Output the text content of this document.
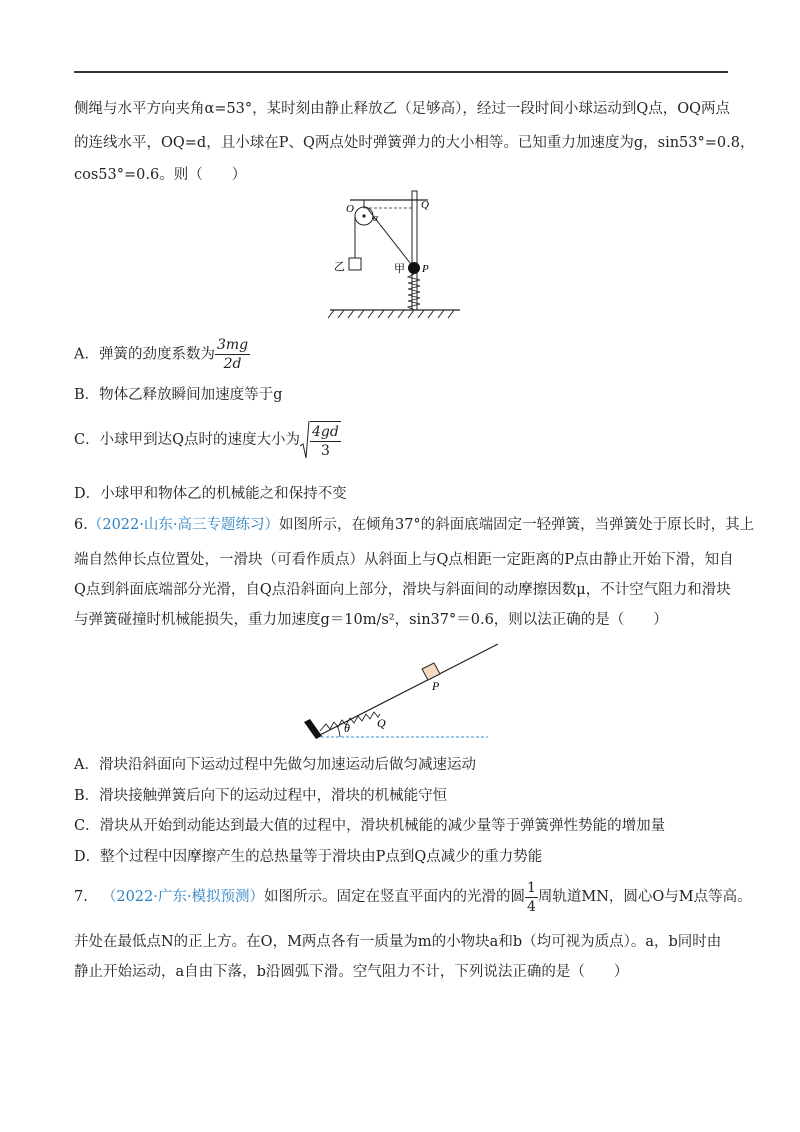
侧绳与水平方向夹角α=53°，某时刻由静止释放乙（足够高），经过一段时间小球运动到Q点，OQ两点
的连线水平，OQ=d，且小球在P、Q两点处时弹簧弹力的大小相等。已知重力加速度为g，sin53°=0.8，
cos53°=0.6。则（　　）
O	Q
α
乙	甲 P
A．弹簧的劲度系数为 $\frac{3mg}{2d}$
B．物体乙释放瞬间加速度等于g
C．小球甲到达Q点时的速度大小为 $\frac{4gd}{3}$
D．小球甲和物体乙的机械能之和保持不变
6.（2022·山东·高三专题练习）如图所示，在倾角37°的斜面底端固定一轻弹簧，当弹簧处于原长时，其上
端自然伸长点位置处，一滑块（可看作质点）从斜面上与Q点相距一定距离的P点由静止开始下滑，知自
Q点到斜面底端部分光滑，自Q点沿斜面向上部分，滑块与斜面间的动摩擦因数μ，不计空气阻力和滑块
与弹簧碰撞时机械能损失，重力加速度g＝10m/s²，sin37°＝0.6，则以法正确的是（　　）
P
Q
θ
A．滑块沿斜面向下运动过程中先做匀加速运动后做匀减速运动
B．滑块接触弹簧后向下的运动过程中，滑块的机械能守恒
C．滑块从开始到动能达到最大值的过程中，滑块机械能的减少量等于弹簧弹性势能的增加量
D．整个过程中因摩擦产生的总热量等于滑块由P点到Q点减少的重力势能
7. （2022·广东·模拟预测）如图所示。固定在竖直平面内的光滑的圆 $\frac{1}{4}$ 周轨道MN，圆心O与M点等高。
并处在最低点N的正上方。在O，M两点各有一质量为m的小物块a和b（均可视为质点）。a，b同时由
静止开始运动，a自由下落，b沿圆弧下滑。空气阻力不计，下列说法正确的是（　　）
